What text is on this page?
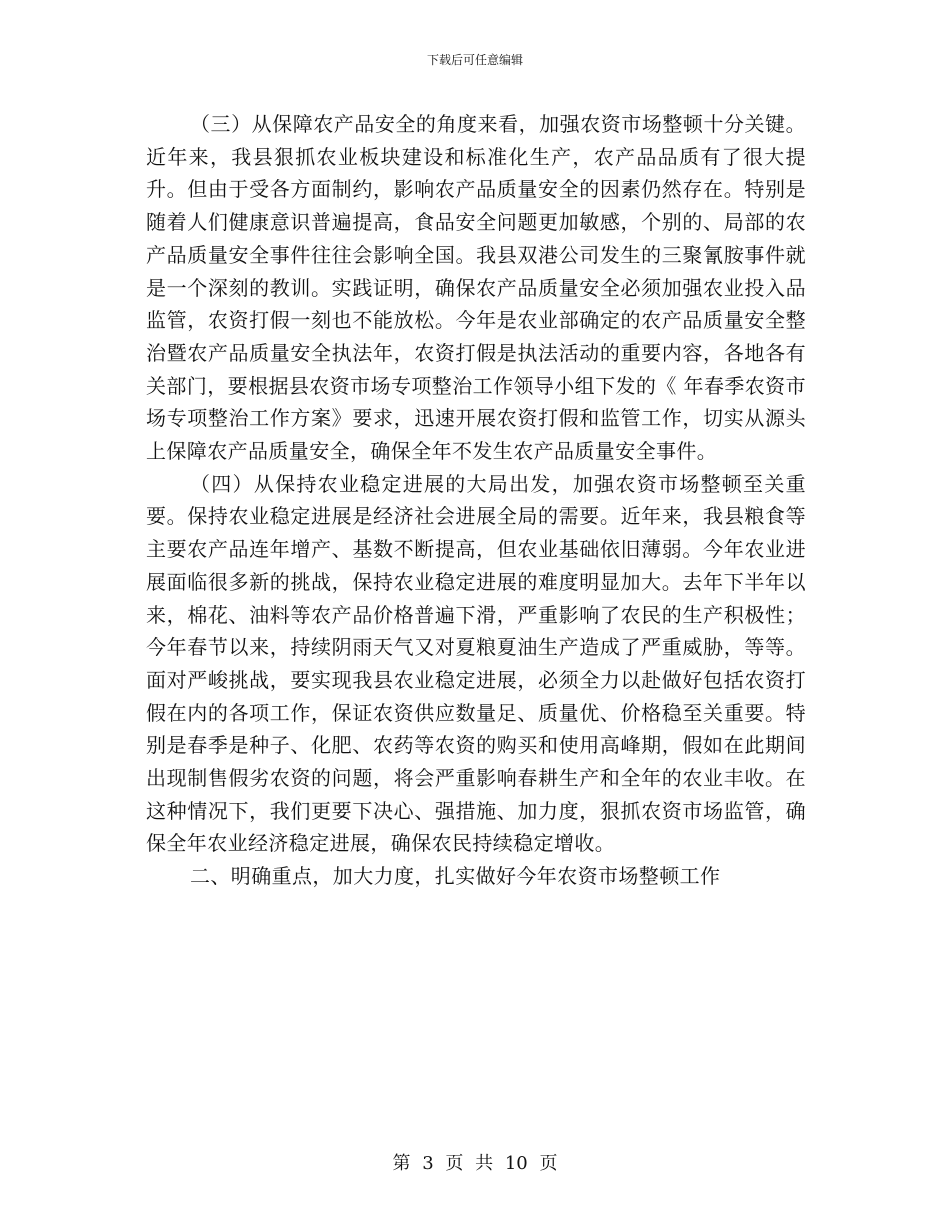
下载后可任意编辑

（三）从保障农产品安全的角度来看，加强农资市场整顿十分关键。近年来，我县狠抓农业板块建设和标准化生产，农产品品质有了很大提升。但由于受各方面制约，影响农产品质量安全的因素仍然存在。特别是随着人们健康意识普遍提高，食品安全问题更加敏感，个别的、局部的农产品质量安全事件往往会影响全国。我县双港公司发生的三聚氰胺事件就是一个深刻的教训。实践证明，确保农产品质量安全必须加强农业投入品监管，农资打假一刻也不能放松。今年是农业部确定的农产品质量安全整治暨农产品质量安全执法年，农资打假是执法活动的重要内容，各地各有关部门，要根据县农资市场专项整治工作领导小组下发的《 年春季农资市场专项整治工作方案》要求，迅速开展农资打假和监管工作，切实从源头上保障农产品质量安全，确保全年不发生农产品质量安全事件。

（四）从保持农业稳定进展的大局出发，加强农资市场整顿至关重要。保持农业稳定进展是经济社会进展全局的需要。近年来，我县粮食等主要农产品连年增产、基数不断提高，但农业基础依旧薄弱。今年农业进展面临很多新的挑战，保持农业稳定进展的难度明显加大。去年下半年以来，棉花、油料等农产品价格普遍下滑，严重影响了农民的生产积极性；今年春节以来，持续阴雨天气又对夏粮夏油生产造成了严重威胁，等等。面对严峻挑战，要实现我县农业稳定进展，必须全力以赴做好包括农资打假在内的各项工作，保证农资供应数量足、质量优、价格稳至关重要。特别是春季是种子、化肥、农药等农资的购买和使用高峰期，假如在此期间出现制售假劣农资的问题，将会严重影响春耕生产和全年的农业丰收。在这种情况下，我们更要下决心、强措施、加力度，狠抓农资市场监管，确保全年农业经济稳定进展，确保农民持续稳定增收。

二、明确重点，加大力度，扎实做好今年农资市场整顿工作

第 3 页 共 10 页
